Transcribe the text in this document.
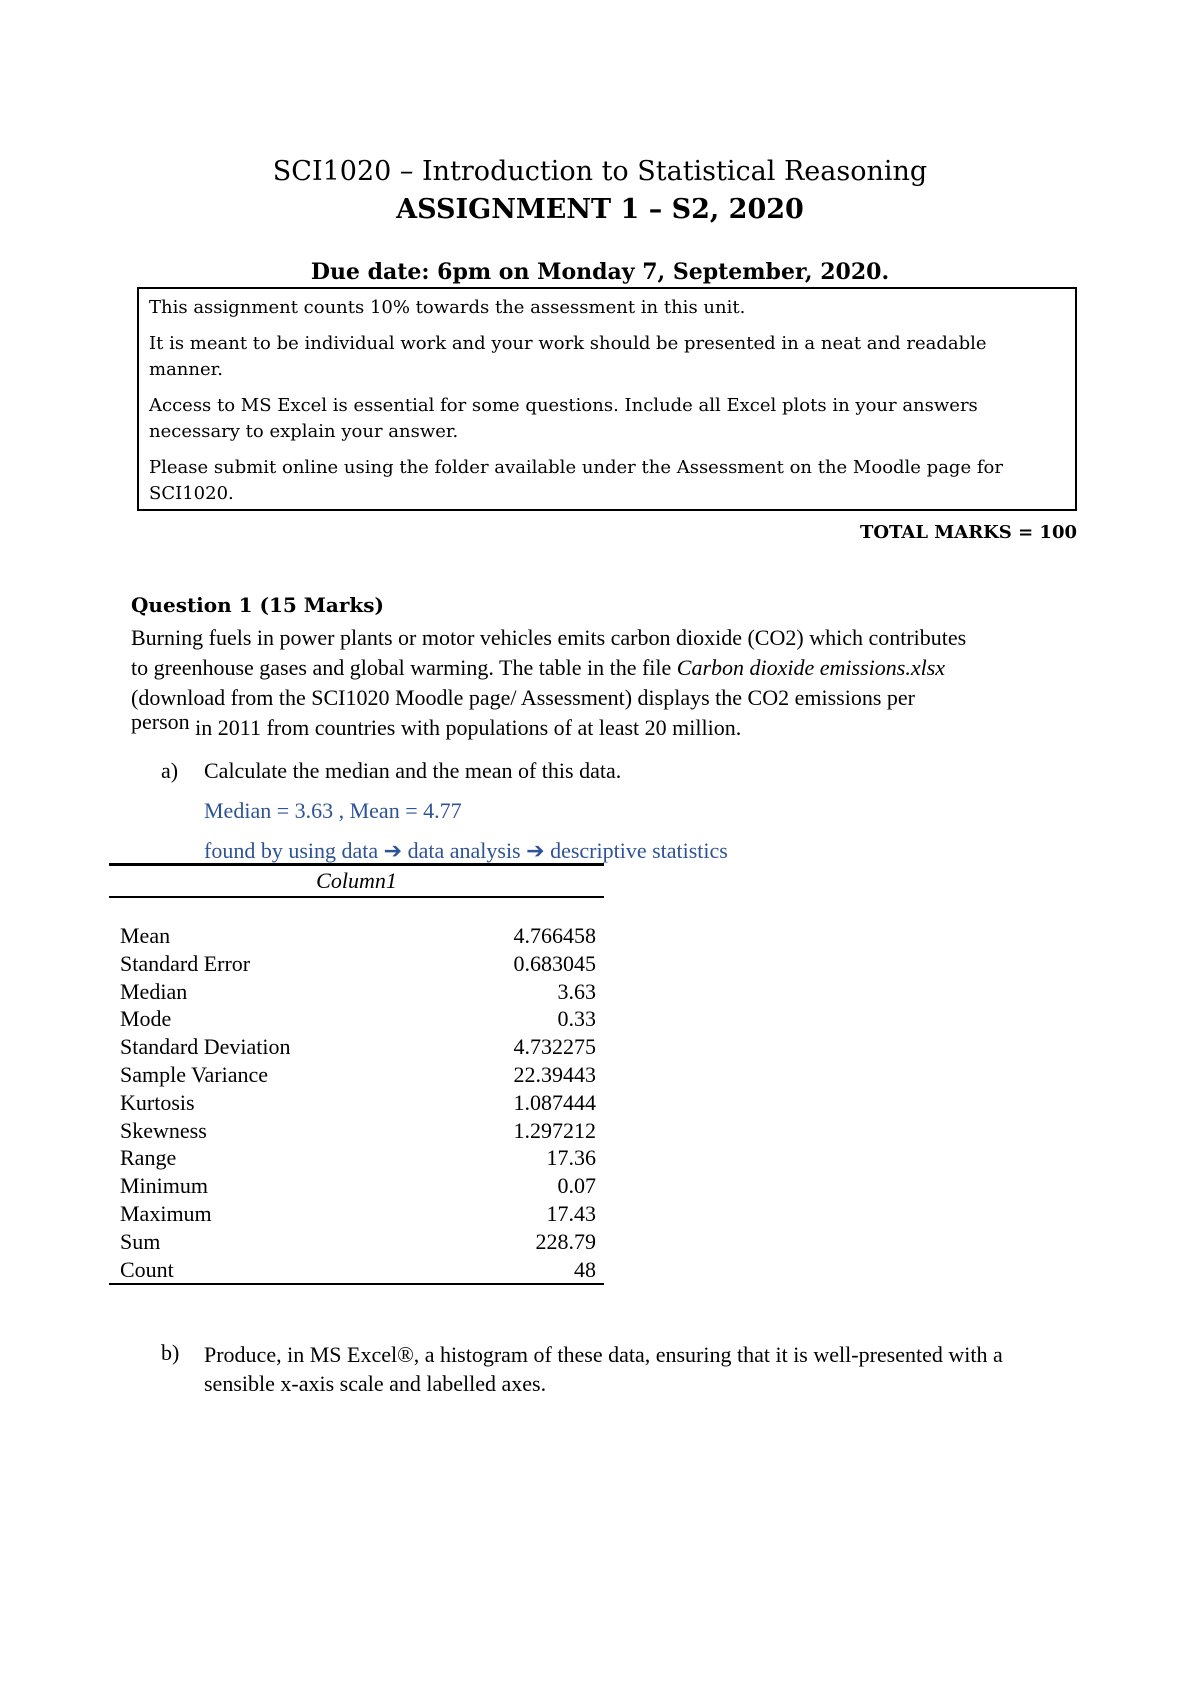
SCI1020 – Introduction to Statistical Reasoning
ASSIGNMENT 1 – S2, 2020
Due date: 6pm on Monday 7, September, 2020.

This assignment counts 10% towards the assessment in this unit.

It is meant to be individual work and your work should be presented in a neat and readable manner.

Access to MS Excel is essential for some questions. Include all Excel plots in your answers necessary to explain your answer.

Please submit online using the folder available under the Assessment on the Moodle page for SCI1020.

TOTAL MARKS = 100
Question 1 (15 Marks)
Burning fuels in power plants or motor vehicles emits carbon dioxide (CO2) which contributes
to greenhouse gases and global warming. The table in the file Carbon dioxide emissions.xlsx
(download from the SCI1020 Moodle page/ Assessment) displays the CO2 emissions per
person in 2011 from countries with populations of at least 20 million.
a) Calculate the median and the mean of this data.
Median = 3.63 , Mean = 4.77
found by using data ➔ data analysis ➔ descriptive statistics
Column1
Mean	4.766458
Standard Error	0.683045
Median	3.63
Mode	0.33
Standard Deviation	4.732275
Sample Variance	22.39443
Kurtosis	1.087444
Skewness	1.297212
Range	17.36
Minimum	0.07
Maximum	17.43
Sum	228.79
Count	48
b) Produce, in MS Excel®, a histogram of these data, ensuring that it is well-presented with a sensible x-axis scale and labelled axes.
